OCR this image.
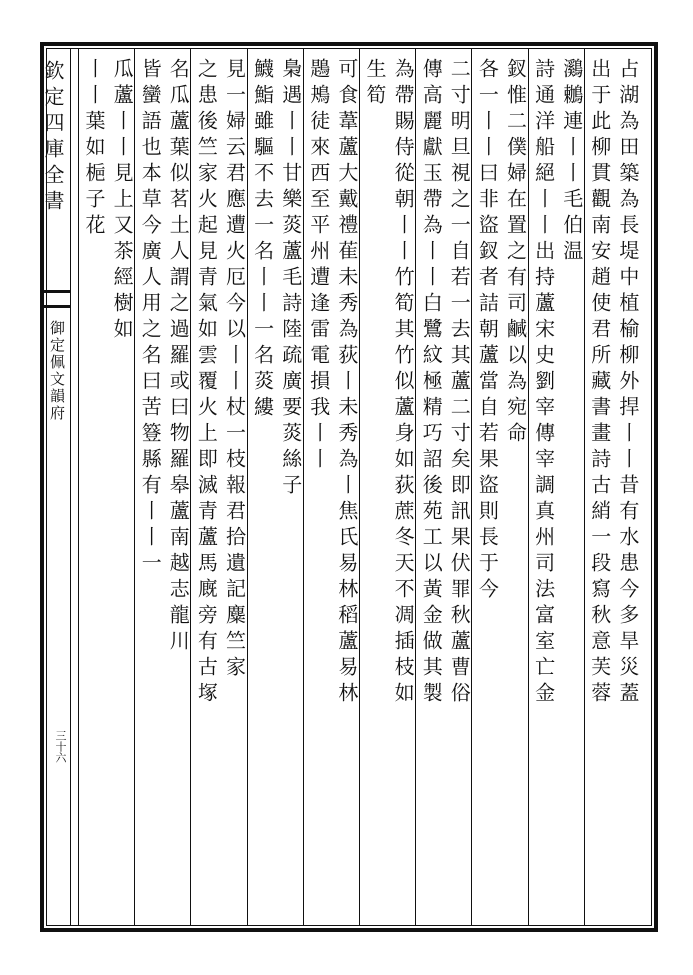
欽定四庫全書
御定佩文韻府
三十六
占湖為田築為長堤中植榆柳外捍丨丨昔有水患今多旱災蓋
出于此柳貫觀南安趙使君所藏書畫詩古綃一段寫秋意芙蓉
鸂鶒連丨丨毛伯温
詩通洋船絕丨丨出持蘆宋史劉宰傳宰調真州司法富室亡金
釵惟二僕婦在置之有司鹹以為宛命
各一丨丨曰非盜釵者詰朝蘆當自若果盜則長于今
二寸明旦視之一自若一去其蘆二寸矣即訊果伏罪秋蘆曹俗
傳高麗獻玉帶為丨丨白鷺紋極精巧詔後苑工以黃金做其製
為帶賜侍從朝丨丨竹筍其竹似蘆身如荻蔗冬天不凋插枝如
生筍
可食葦蘆大戴禮萑未秀為荻丨未秀為丨焦氏易林稻蘆易林
鶗鴂徒來西至平州遭逢雷電損我丨丨
梟遇丨丨甘樂菼蘆毛詩陸疏廣要菼絲子
鱴鮨雖驅不去一名丨丨一名菼縷
見一婦云君應遭火厄今以丨丨杖一枝報君拾遺記麋竺家
之患後竺家火起見青氣如雲覆火上即滅青蘆馬廐旁有古塚
名瓜蘆葉似茗土人謂之過羅或曰物羅皋蘆南越志龍川
皆蠻語也本草今廣人用之名曰苦簦縣有丨丨一
瓜蘆丨丨見上又茶經樹如
丨丨葉如梔子花
